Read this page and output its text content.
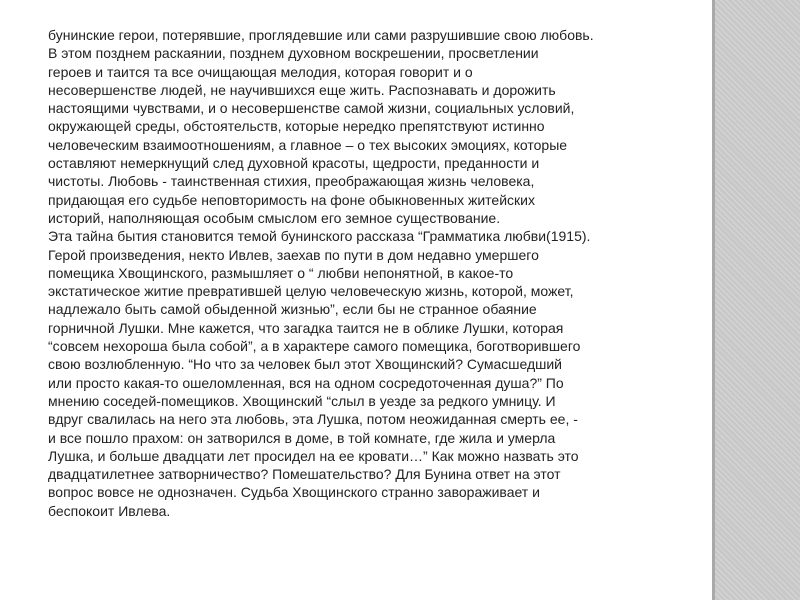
бунинские герои, потерявшие, проглядевшие или сами разрушившие свою любовь.
В этом позднем раскаянии, позднем духовном воскрешении, просветлении
героев и таится та все очищающая мелодия, которая говорит и о
несовершенстве людей, не научившихся еще жить. Распознавать и дорожить
настоящими чувствами, и о несовершенстве самой жизни, социальных условий,
окружающей среды, обстоятельств, которые нередко препятствуют истинно
человеческим взаимоотношениям, а главное – о тех высоких эмоциях, которые
оставляют немеркнущий след духовной красоты, щедрости, преданности и
чистоты. Любовь - таинственная стихия, преображающая жизнь человека,
придающая его судьбе неповторимость на фоне обыкновенных житейских
историй, наполняющая особым смыслом его земное существование.

Эта тайна бытия становится темой бунинского рассказа “Грамматика любви(1915).
Герой произведения, некто Ивлев, заехав по пути в дом недавно умершего
помещика Хвощинского, размышляет о “ любви непонятной, в какое-то
экстатическое житие превратившей целую человеческую жизнь, которой, может,
надлежало быть самой обыденной жизнью”, если бы не странное обаяние
горничной Лушки. Мне кажется, что загадка таится не в облике Лушки, которая
“совсем нехороша была собой”, а в характере самого помещика, боготворившего
свою возлюбленную. “Но что за человек был этот Хвощинский? Сумасшедший
или просто какая-то ошеломленная, вся на одном сосредоточенная душа?” По
мнению соседей-помещиков. Хвощинский “слыл в уезде за редкого умницу. И
вдруг свалилась на него эта любовь, эта Лушка, потом неожиданная смерть ее, -
и все пошло прахом: он затворился в доме, в той комнате, где жила и умерла
Лушка, и больше двадцати лет просидел на ее кровати…” Как можно назвать это
двадцатилетнее затворничество? Помешательство? Для Бунина ответ на этот
вопрос вовсе не однозначен. Судьба Хвощинского странно завораживает и
беспокоит Ивлева.
